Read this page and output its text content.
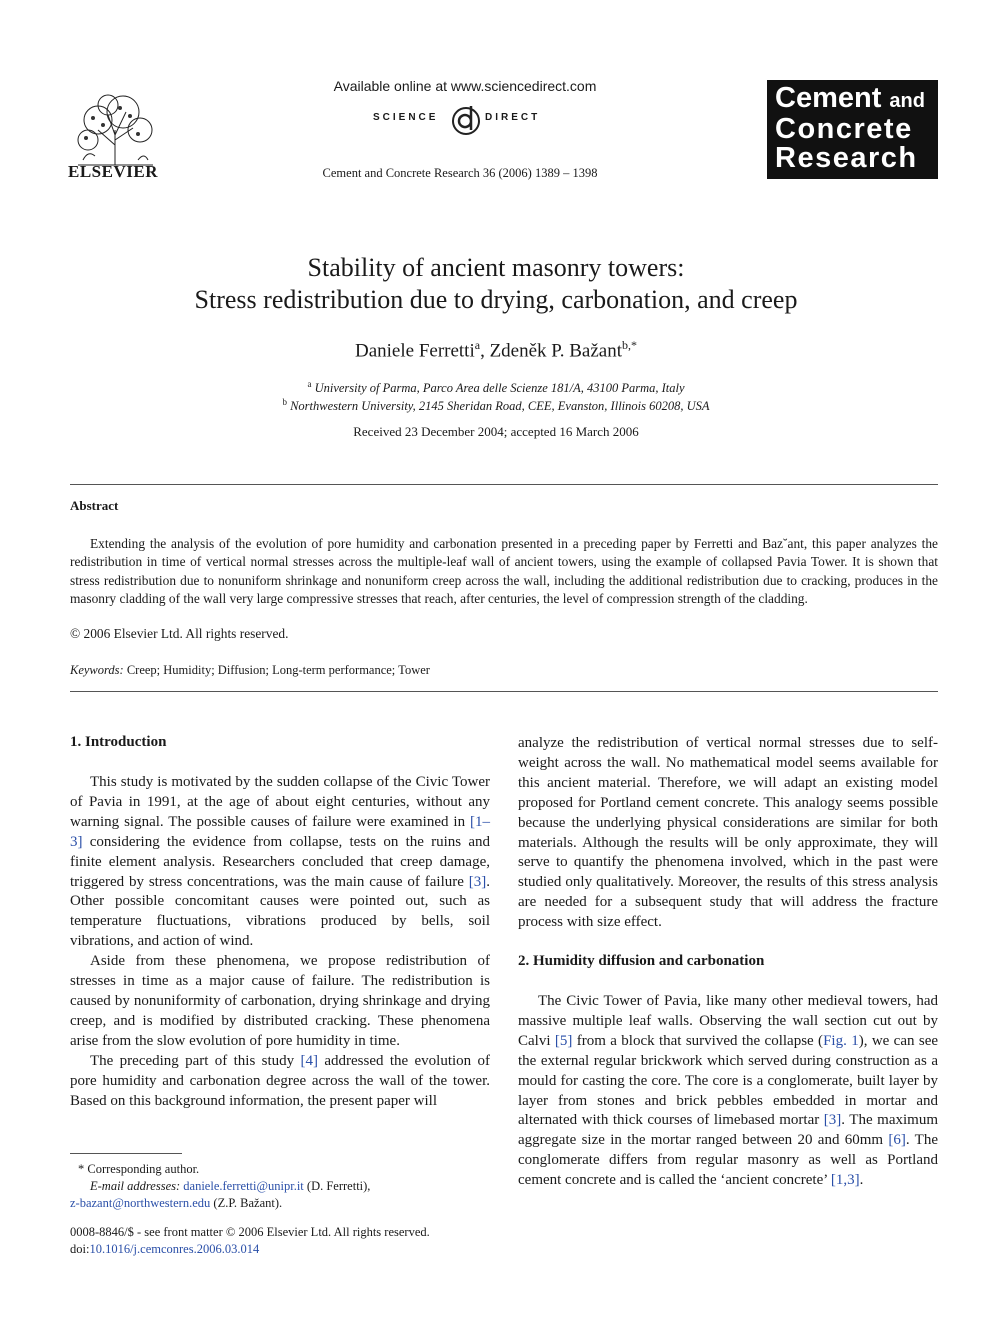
ELSEVIER
Available online at www.sciencedirect.com
SCIENCE	DIRECT
Cement and Concrete Research 36 (2006) 1389 – 1398
Cement and
Concrete
Research
Stability of ancient masonry towers:
Stress redistribution due to drying, carbonation, and creep
Daniele Ferretti$^a$, Zdeněk P. Bažant$^{b,*}$
$^a$ University of Parma, Parco Area delle Scienze 181/A, 43100 Parma, Italy
$^b$ Northwestern University, 2145 Sheridan Road, CEE, Evanston, Illinois 60208, USA
Received 23 December 2004; accepted 16 March 2006
Abstract
Extending the analysis of the evolution of pore humidity and carbonation presented in a preceding paper by Ferretti and Baz˘ant, this paper analyzes the redistribution in time of vertical normal stresses across the multiple-leaf wall of ancient towers, using the example of collapsed Pavia Tower. It is shown that stress redistribution due to nonuniform shrinkage and nonuniform creep across the wall, including the additional redistribution due to cracking, produces in the masonry cladding of the wall very large compressive stresses that reach, after centuries, the level of compression strength of the cladding.
© 2006 Elsevier Ltd. All rights reserved.
Keywords: Creep; Humidity; Diffusion; Long-term performance; Tower
1. Introduction

This study is motivated by the sudden collapse of the Civic Tower of Pavia in 1991, at the age of about eight centuries, without any warning signal. The possible causes of failure were examined in [1–3] considering the evidence from collapse, tests on the ruins and finite element analysis. Researchers concluded that creep damage, triggered by stress concentrations, was the main cause of failure [3]. Other possible concomitant causes were pointed out, such as temperature fluctuations, vibrations produced by bells, soil vibrations, and action of wind.

Aside from these phenomena, we propose redistribution of stresses in time as a major cause of failure. The redistribution is caused by nonuniformity of carbonation, drying shrinkage and drying creep, and is modified by distributed cracking. These phenomena arise from the slow evolution of pore humidity in time.

The preceding part of this study [4] addressed the evolution of pore humidity and carbonation degree across the wall of the tower. Based on this background information, the present paper will

analyze the redistribution of vertical normal stresses due to self-weight across the wall. No mathematical model seems available for this ancient material. Therefore, we will adapt an existing model proposed for Portland cement concrete. This analogy seems possible because the underlying physical considerations are similar for both materials. Although the results will be only approximate, they will serve to quantify the phenomena involved, which in the past were studied only qualitatively. Moreover, the results of this stress analysis are needed for a subsequent study that will address the fracture process with size effect.

2. Humidity diffusion and carbonation

The Civic Tower of Pavia, like many other medieval towers, had massive multiple leaf walls. Observing the wall section cut out by Calvi [5] from a block that survived the collapse (Fig. 1), we can see the external regular brickwork which served during construction as a mould for casting the core. The core is a conglomerate, built layer by layer from stones and brick pebbles embedded in mortar and alternated with thick courses of limebased mortar [3]. The maximum aggregate size in the mortar ranged between 20 and 60mm [6]. The conglomerate differs from regular masonry as well as Portland cement concrete and is called the ‘ancient concrete’ [1,3].

* Corresponding author.
E-mail addresses: daniele.ferretti@unipr.it (D. Ferretti),
z-bazant@northwestern.edu (Z.P. Bažant).
0008-8846/$ - see front matter © 2006 Elsevier Ltd. All rights reserved.
doi:10.1016/j.cemconres.2006.03.014
